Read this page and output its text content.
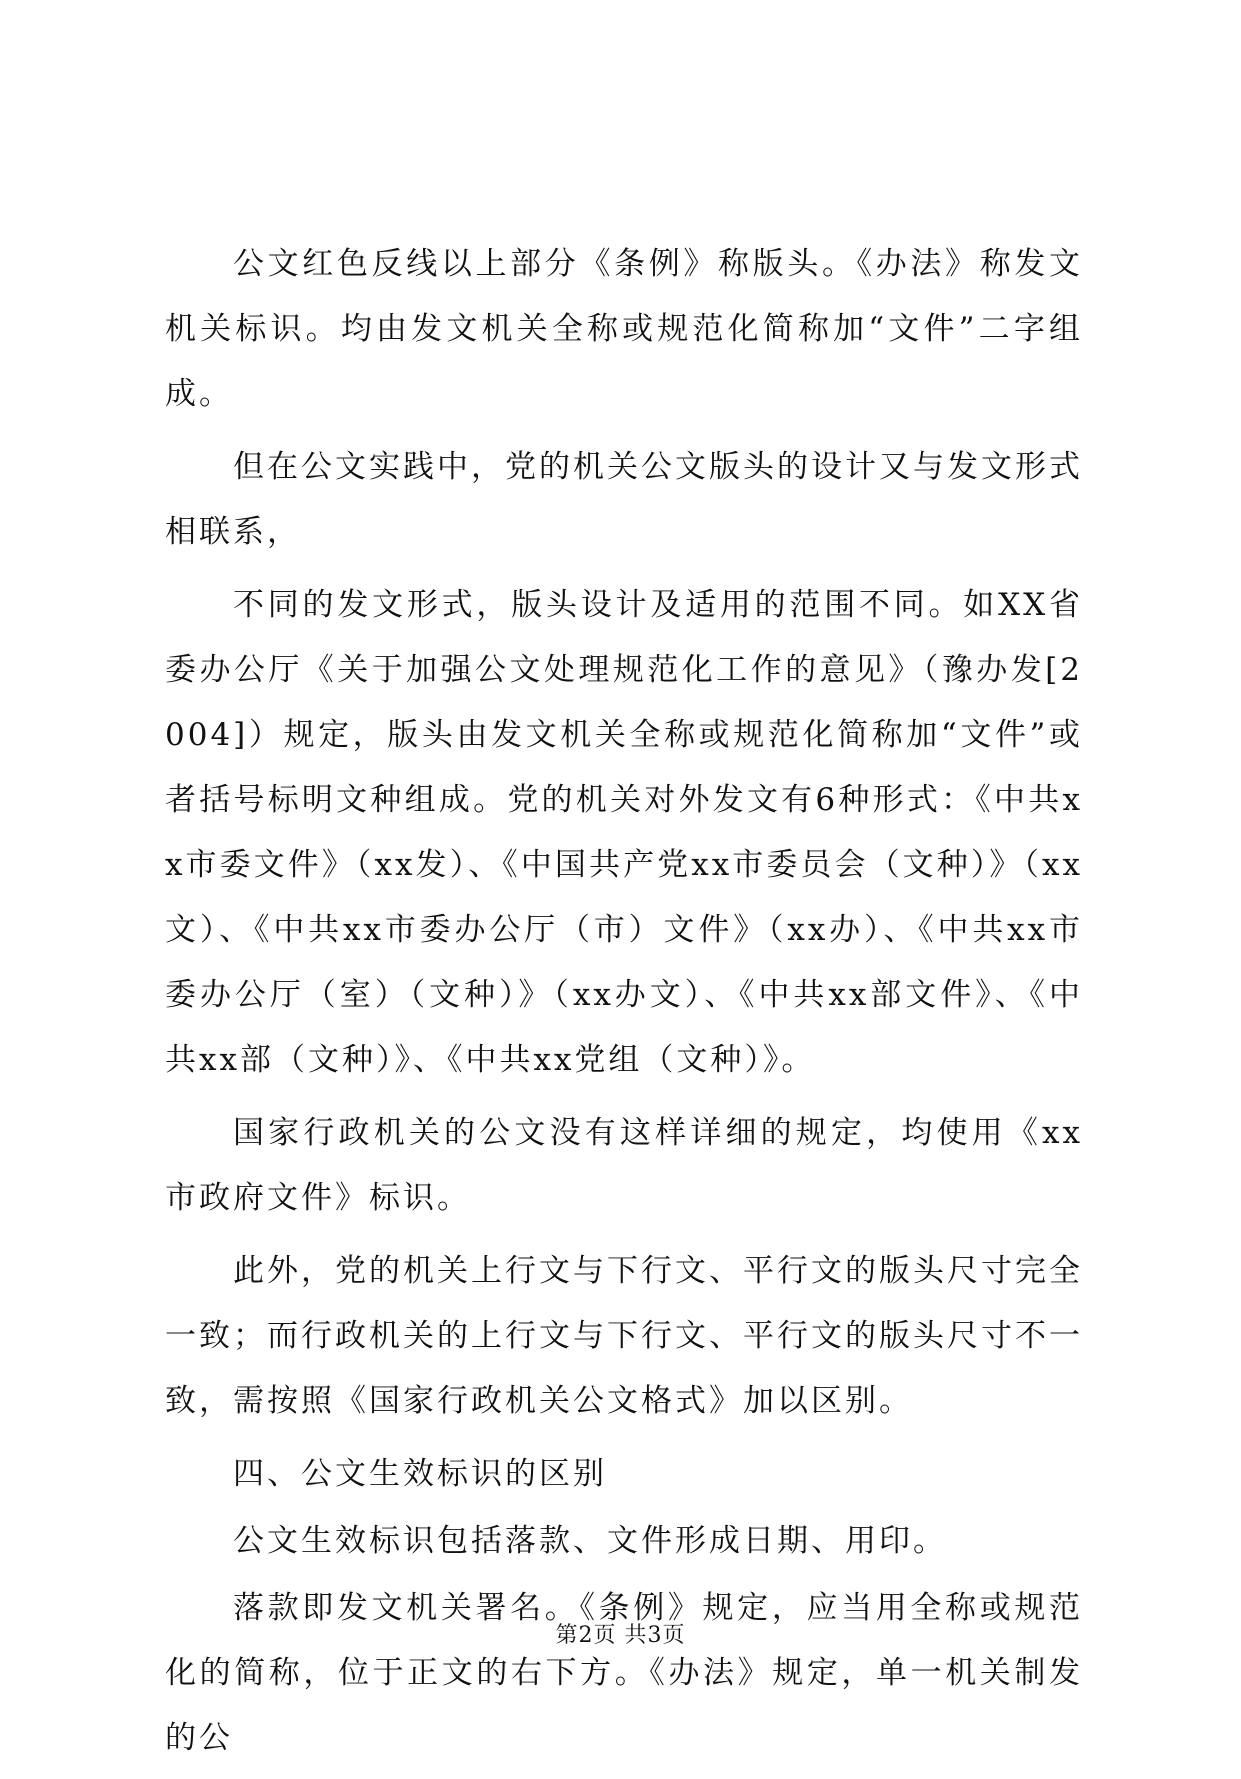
公文红色反线以上部分《条例》称版头。《办法》称发文机关标识。均由发文机关全称或规范化简称加“文件”二字组成。

但在公文实践中，党的机关公文版头的设计又与发文形式相联系，

不同的发文形式，版头设计及适用的范围不同。如XX省委办公厅《关于加强公文处理规范化工作的意见》（豫办发[2004]）规定，版头由发文机关全称或规范化简称加“文件”或者括号标明文种组成。党的机关对外发文有6种形式：《中共xx市委文件》（xx发）、《中国共产党xx市委员会（文种）》（xx文）、《中共xx市委办公厅（市）文件》（xx办）、《中共xx市委办公厅（室）（文种）》（xx办文）、《中共xx部文件》、《中共xx部（文种）》、《中共xx党组（文种）》。

国家行政机关的公文没有这样详细的规定，均使用《xx市政府文件》标识。

此外，党的机关上行文与下行文、平行文的版头尺寸完全一致；而行政机关的上行文与下行文、平行文的版头尺寸不一致，需按照《国家行政机关公文格式》加以区别。

四、公文生效标识的区别

公文生效标识包括落款、文件形成日期、用印。

落款即发文机关署名。《条例》规定，应当用全称或规范化的简称，位于正文的右下方。《办法》规定，单一机关制发的公

第2页 共3页
